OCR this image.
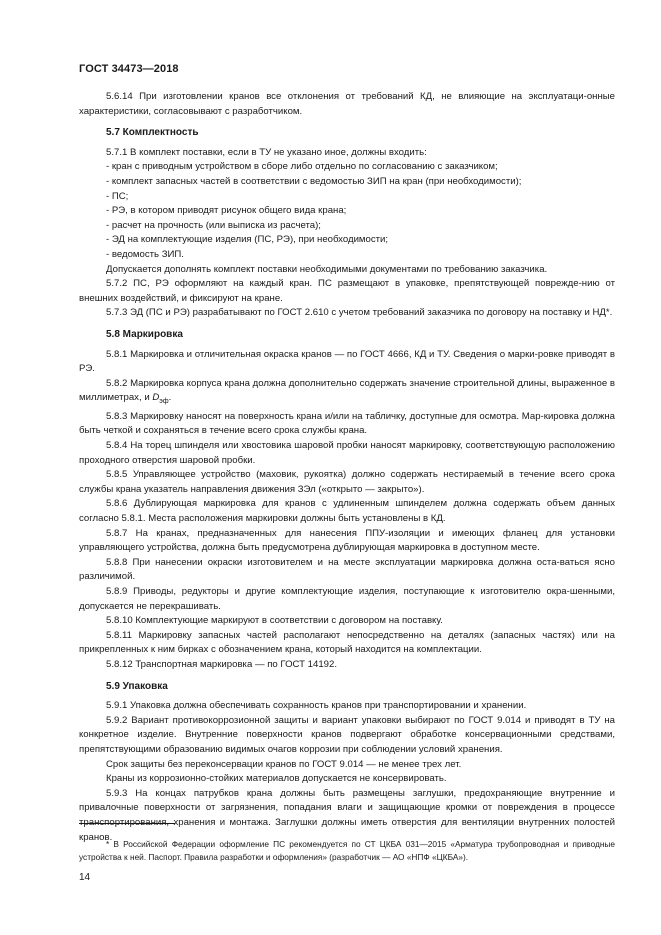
ГОСТ 34473—2018

5.6.14 При изготовлении кранов все отклонения от требований КД, не влияющие на эксплуатаци-онные характеристики, согласовывают с разработчиком.

5.7 Комплектность

5.7.1 В комплект поставки, если в ТУ не указано иное, должны входить:

- кран с приводным устройством в сборе либо отдельно по согласованию с заказчиком;

- комплект запасных частей в соответствии с ведомостью ЗИП на кран (при необходимости);

- ПС;

- РЭ, в котором приводят рисунок общего вида крана;

- расчет на прочность (или выписка из расчета);

- ЭД на комплектующие изделия (ПС, РЭ), при необходимости;

- ведомость ЗИП.

Допускается дополнять комплект поставки необходимыми документами по требованию заказчика.

5.7.2 ПС, РЭ оформляют на каждый кран. ПС размещают в упаковке, препятствующей поврежде-нию от внешних воздействий, и фиксируют на кране.

5.7.3 ЭД (ПС и РЭ) разрабатывают по ГОСТ 2.610 с учетом требований заказчика по договору на поставку и НД*.

5.8 Маркировка

5.8.1 Маркировка и отличительная окраска кранов — по ГОСТ 4666, КД и ТУ. Сведения о марки-ровке приводят в РЭ.

5.8.2 Маркировка корпуса крана должна дополнительно содержать значение строительной длины, выраженное в миллиметрах, и $D_{эф}$.

5.8.3 Маркировку наносят на поверхность крана и/или на табличку, доступные для осмотра. Мар-кировка должна быть четкой и сохраняться в течение всего срока службы крана.

5.8.4 На торец шпинделя или хвостовика шаровой пробки наносят маркировку, соответствующую расположению проходного отверстия шаровой пробки.

5.8.5 Управляющее устройство (маховик, рукоятка) должно содержать нестираемый в течение всего срока службы крана указатель направления движения ЗЭл («открыто — закрыто»).

5.8.6 Дублирующая маркировка для кранов с удлиненным шпинделем должна содержать объем данных согласно 5.8.1. Места расположения маркировки должны быть установлены в КД.

5.8.7 На кранах, предназначенных для нанесения ППУ-изоляции и имеющих фланец для установки управляющего устройства, должна быть предусмотрена дублирующая маркировка в доступном месте.

5.8.8 При нанесении окраски изготовителем и на месте эксплуатации маркировка должна оста-ваться ясно различимой.

5.8.9 Приводы, редукторы и другие комплектующие изделия, поступающие к изготовителю окра-шенными, допускается не перекрашивать.

5.8.10 Комплектующие маркируют в соответствии с договором на поставку.

5.8.11 Маркировку запасных частей располагают непосредственно на деталях (запасных частях) или на прикрепленных к ним бирках с обозначением крана, который находится на комплектации.

5.8.12 Транспортная маркировка — по ГОСТ 14192.

5.9 Упаковка

5.9.1 Упаковка должна обеспечивать сохранность кранов при транспортировании и хранении.

5.9.2 Вариант противокоррозионной защиты и вариант упаковки выбирают по ГОСТ 9.014 и приводят в ТУ на конкретное изделие. Внутренние поверхности кранов подвергают обработке консервационными средствами, препятствующими образованию видимых очагов коррозии при соблюдении условий хранения.

Срок защиты без переконсервации кранов по ГОСТ 9.014 — не менее трех лет.

Краны из коррозионно-стойких материалов допускается не консервировать.

5.9.3 На концах патрубков крана должны быть размещены заглушки, предохраняющие внутренние и привалочные поверхности от загрязнения, попадания влаги и защищающие кромки от повреждения в процессе транспортирования, хранения и монтажа. Заглушки должны иметь отверстия для вентиляции внутренних полостей кранов.

* В Российской Федерации оформление ПС рекомендуется по СТ ЦКБА 031—2015 «Арматура трубопроводная и приводные устройства к ней. Паспорт. Правила разработки и оформления» (разработчик — АО «НПФ «ЦКБА»).

14
